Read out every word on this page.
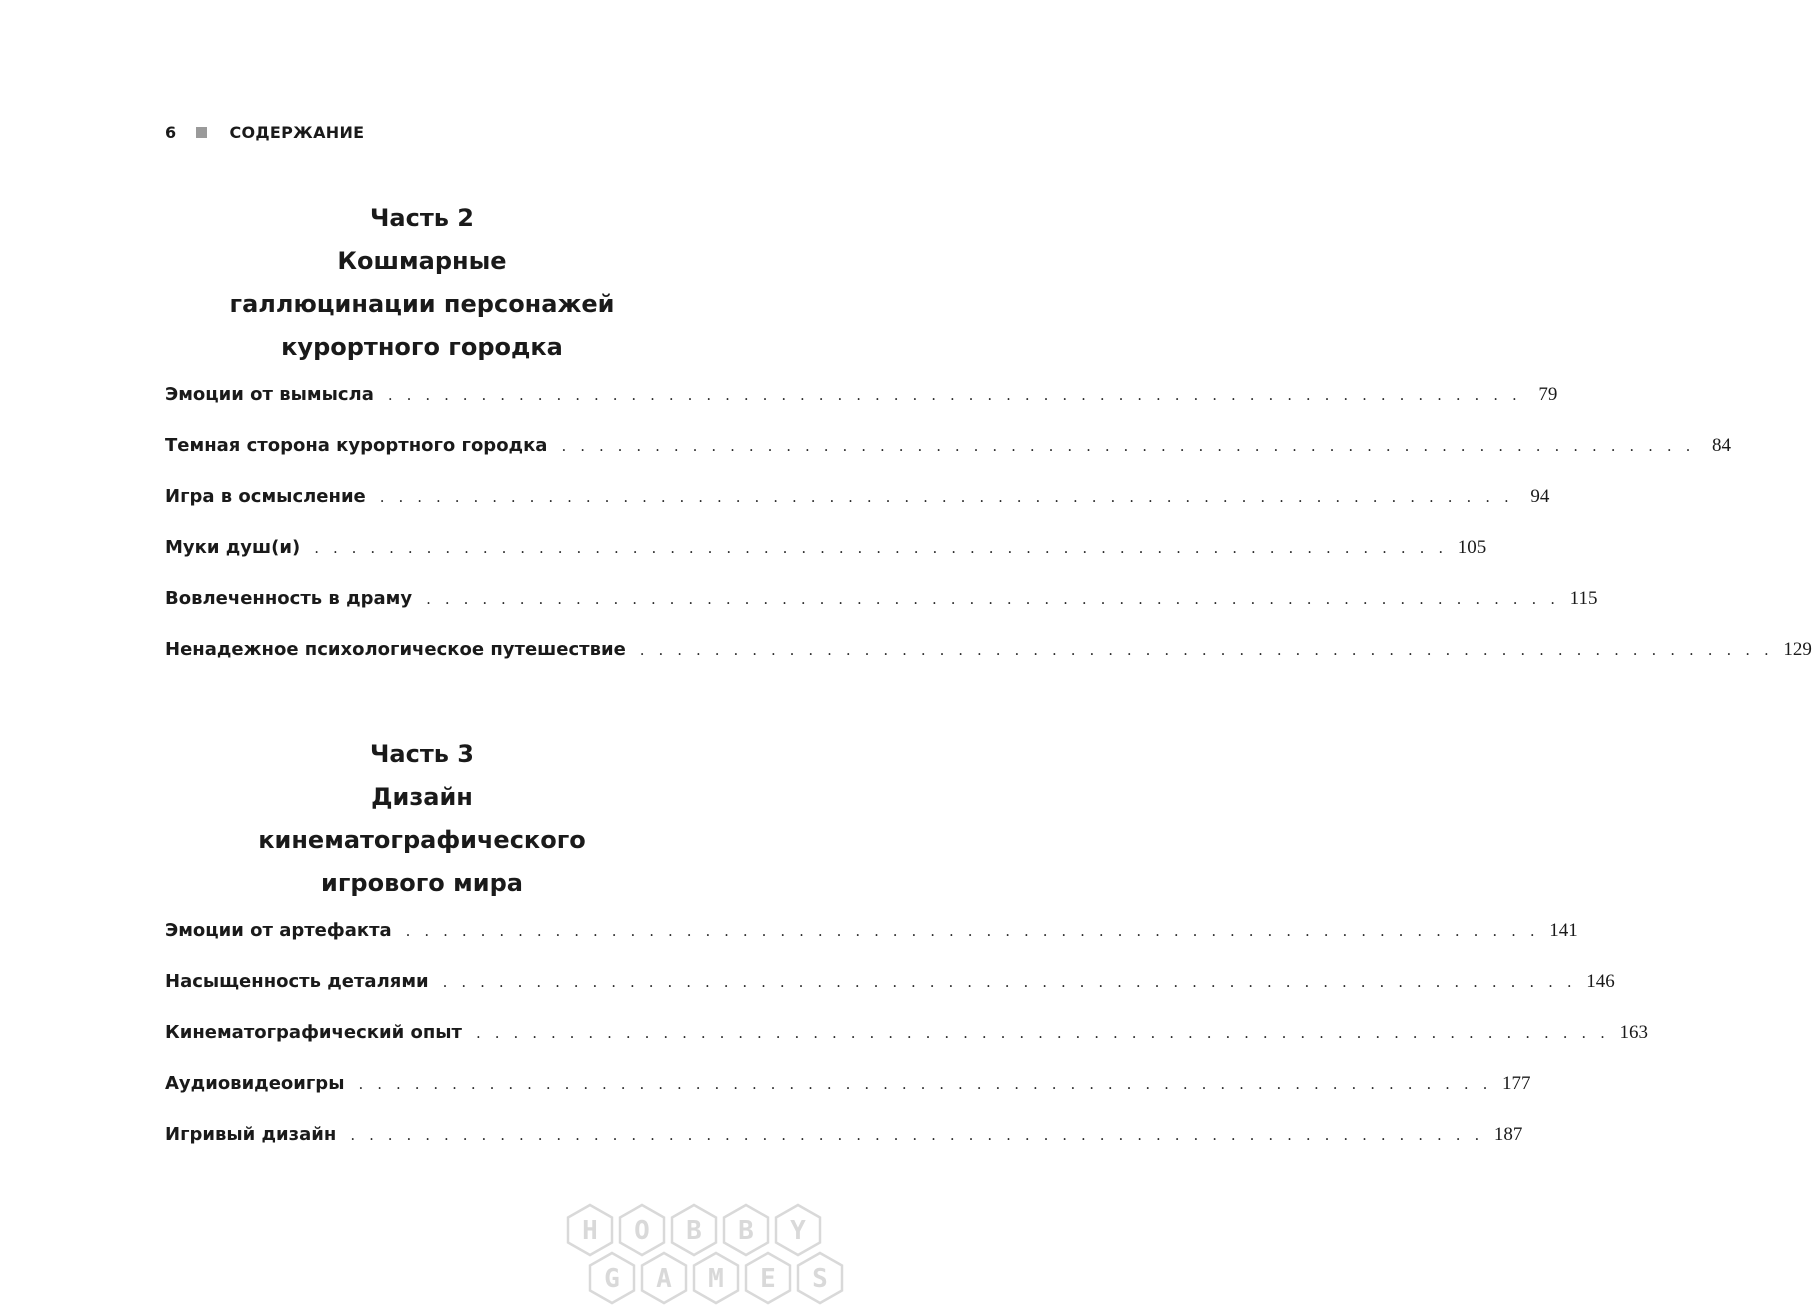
6	СОДЕРЖАНИЕ
Часть 2
Кошмарные
галлюцинации персонажей
курортного городка
Эмоции от вымысла . . . . . . . . . . . . . . . . . . . . . . . . . . . . . . . . . . . . . . . . . . . . . . . . . . . . . . . . . . . . . 79
Темная сторона курортного городка . . . . . . . . . . . . . . . . . . . . . . . . . . . . . . . . . . . . . . . . . . . . . . . . . . . . . . . . . . . . . 84
Игра в осмысление . . . . . . . . . . . . . . . . . . . . . . . . . . . . . . . . . . . . . . . . . . . . . . . . . . . . . . . . . . . . . 94
Муки душ(и) . . . . . . . . . . . . . . . . . . . . . . . . . . . . . . . . . . . . . . . . . . . . . . . . . . . . . . . . . . . . . 105
Вовлеченность в драму . . . . . . . . . . . . . . . . . . . . . . . . . . . . . . . . . . . . . . . . . . . . . . . . . . . . . . . . . . . . . 115
Ненадежное психологическое путешествие . . . . . . . . . . . . . . . . . . . . . . . . . . . . . . . . . . . . . . . . . . . . . . . . . . . . . . . . . . . . . 129
Часть 3
Дизайн
кинематографического
игрового мира
Эмоции от артефакта . . . . . . . . . . . . . . . . . . . . . . . . . . . . . . . . . . . . . . . . . . . . . . . . . . . . . . . . . . . . . 141
Насыщенность деталями . . . . . . . . . . . . . . . . . . . . . . . . . . . . . . . . . . . . . . . . . . . . . . . . . . . . . . . . . . . . . 146
Кинематографический опыт . . . . . . . . . . . . . . . . . . . . . . . . . . . . . . . . . . . . . . . . . . . . . . . . . . . . . . . . . . . . . 163
Аудиовидеоигры . . . . . . . . . . . . . . . . . . . . . . . . . . . . . . . . . . . . . . . . . . . . . . . . . . . . . . . . . . . . . 177
Игривый дизайн . . . . . . . . . . . . . . . . . . . . . . . . . . . . . . . . . . . . . . . . . . . . . . . . . . . . . . . . . . . . . 187
H O B B Y
G A M E S
